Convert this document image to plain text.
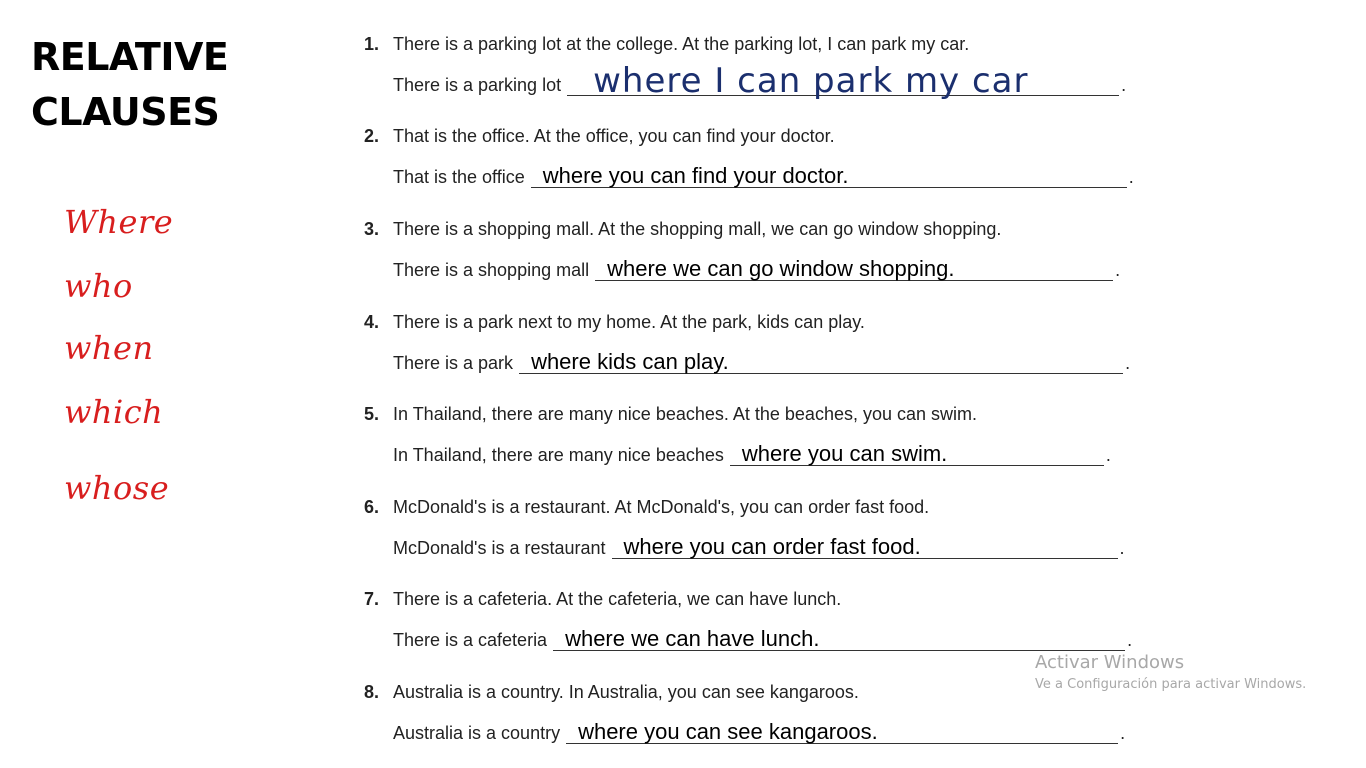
RELATIVE
CLAUSES
Where
who
when
which
whose
1. There is a parking lot at the college. At the parking lot, I can park my car.
There is a parking lot where I can park my car	.
2. That is the office. At the office, you can find your doctor.
That is the office where you can find your doctor.	.
3. There is a shopping mall. At the shopping mall, we can go window shopping.
There is a shopping mall where we can go window shopping.	.
4. There is a park next to my home. At the park, kids can play.
There is a park where kids can play.	.
5. In Thailand, there are many nice beaches. At the beaches, you can swim.
In Thailand, there are many nice beaches where you can swim.	.
6. McDonald's is a restaurant. At McDonald's, you can order fast food.
McDonald's is a restaurant where you can order fast food.	.
7. There is a cafeteria. At the cafeteria, we can have lunch.
There is a cafeteria where we can have lunch.	.
8. Australia is a country. In Australia, you can see kangaroos.
Australia is a country where you can see kangaroos.	.
Activar Windows
Ve a Configuración para activar Windows.
